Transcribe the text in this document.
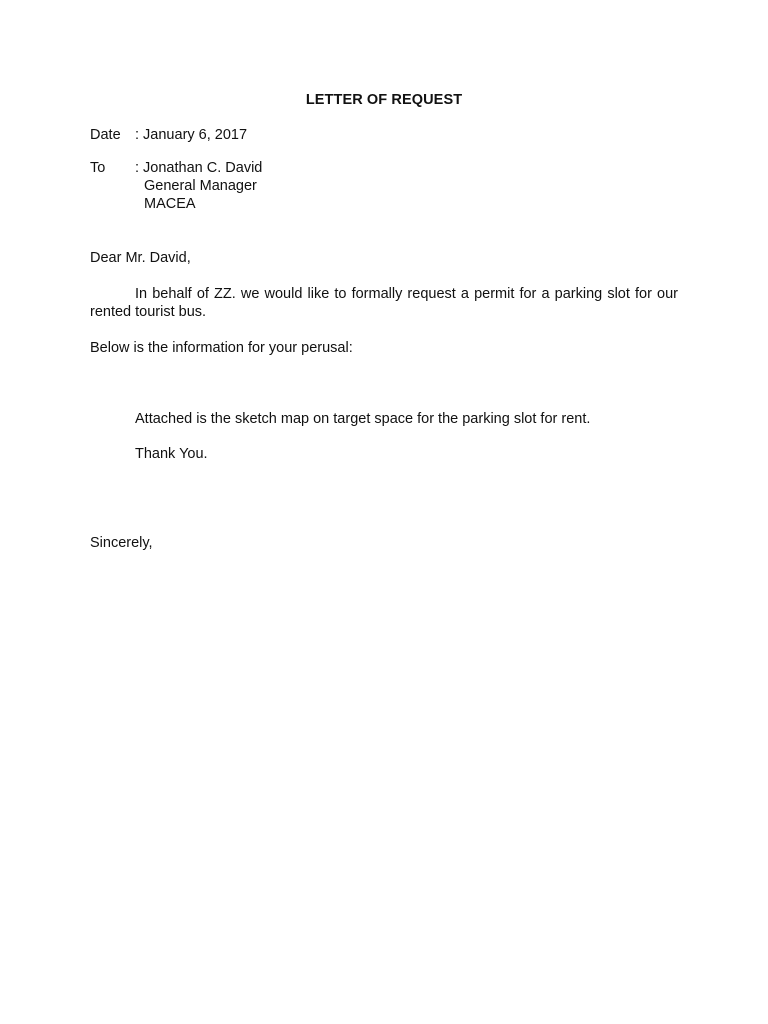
LETTER OF REQUEST
Date : January 6, 2017
To : Jonathan C. David
General Manager
MACEA
Dear Mr. David,
In behalf of ZZ. we would like to formally request a permit for a parking slot for our rented tourist bus.
Below is the information for your perusal:
Attached is the sketch map on target space for the parking slot for rent.
Thank You.
Sincerely,
